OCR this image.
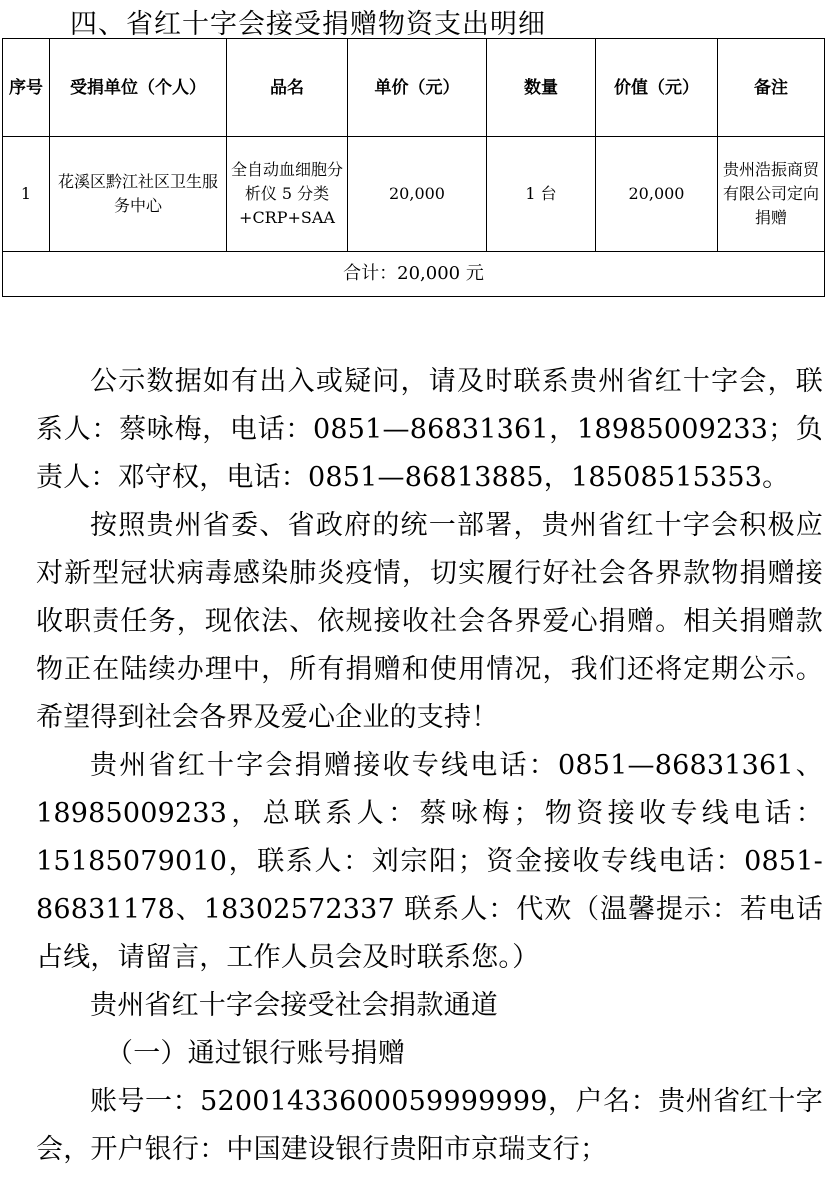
四、省红十字会接受捐赠物资支出明细
序号	受捐单位（个人）	品名	单价（元）	数量	价值（元）	备注
1	花溪区黔江社区卫生服务中心	全自动血细胞分析仪 5 分类
+CRP+SAA	20,000	1 台	20,000	贵州浩振商贸有限公司定向捐赠
合计：20,000 元						

公示数据如有出入或疑问，请及时联系贵州省红十字会，联系人：蔡咏梅，电话：0851—86831361，18985009233；负责人：邓守权，电话：0851—86813885，18508515353。

按照贵州省委、省政府的统一部署，贵州省红十字会积极应对新型冠状病毒感染肺炎疫情，切实履行好社会各界款物捐赠接收职责任务，现依法、依规接收社会各界爱心捐赠。相关捐赠款物正在陆续办理中，所有捐赠和使用情况，我们还将定期公示。希望得到社会各界及爱心企业的支持！

贵州省红十字会捐赠接收专线电话：0851—86831361、18985009233，总联系人：蔡咏梅；物资接收专线电话：15185079010，联系人：刘宗阳；资金接收专线电话：0851-86831178、18302572337 联系人：代欢（温馨提示：若电话占线，请留言，工作人员会及时联系您。）

贵州省红十字会接受社会捐款通道

（一）通过银行账号捐赠

账号一：52001433600059999999，户名：贵州省红十字会，开户银行：中国建设银行贵阳市京瑞支行；
